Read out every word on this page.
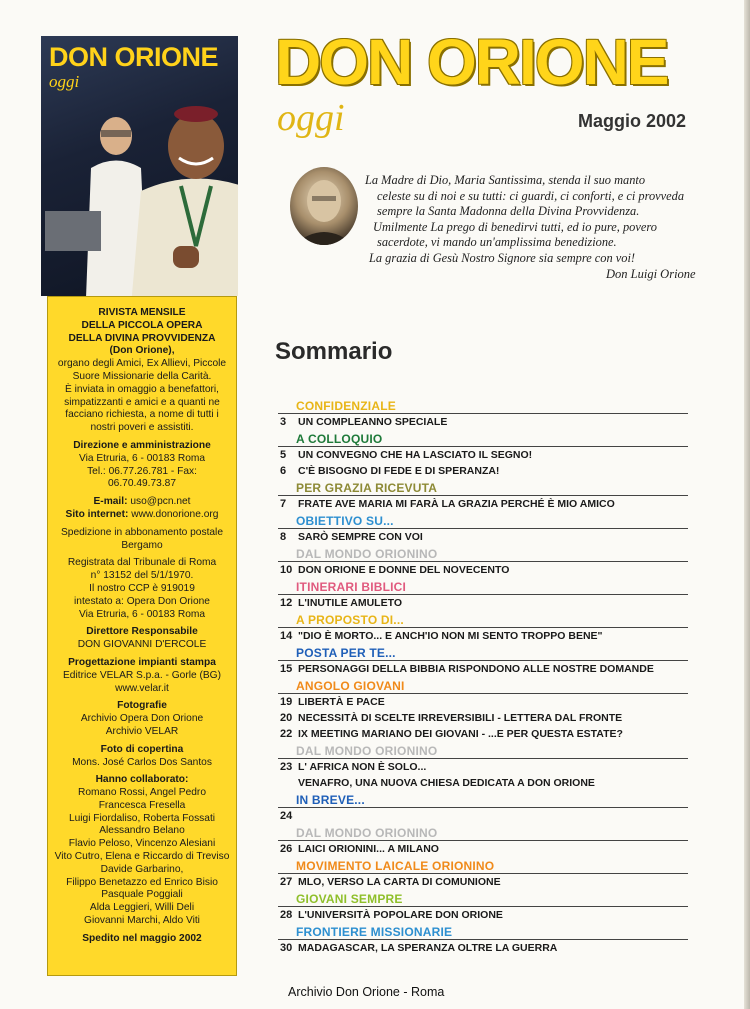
DON ORIONE
oggi
RIVISTA MENSILE
DELLA PICCOLA OPERA
DELLA DIVINA PROVVIDENZA
(Don Orione),
organo degli Amici, Ex Allievi, Piccole
Suore Missionarie della Carità.
È inviata in omaggio a benefattori,
simpatizzanti e amici e a quanti ne
facciano richiesta, a nome di tutti i
nostri poveri e assistiti.
Direzione e amministrazione
Via Etruria, 6 - 00183 Roma
Tel.: 06.77.26.781 - Fax: 06.70.49.73.87
E-mail: uso@pcn.net
Sito internet: www.donorione.org
Spedizione in abbonamento postale
Bergamo
Registrata dal Tribunale di Roma
n° 13152 del 5/1/1970.
Il nostro CCP è 919019
intestato a: Opera Don Orione
Via Etruria, 6 - 00183 Roma
Direttore Responsabile
DON GIOVANNI D'ERCOLE
Progettazione impianti stampa
Editrice VELAR S.p.a. - Gorle (BG)
www.velar.it
Fotografie
Archivio Opera Don Orione
Archivio VELAR
Foto di copertina
Mons. José Carlos Dos Santos
Hanno collaborato:
Romano Rossi, Angel Pedro
Francesca Fresella
Luigi Fiordaliso, Roberta Fossati
Alessandro Belano
Flavio Peloso, Vincenzo Alesiani
Vito Cutro, Elena e Riccardo di Treviso
Davide Garbarino,
Filippo Benetazzo ed Enrico Bisio
Pasquale Poggiali
Alda Leggieri, Willi Deli
Giovanni Marchi, Aldo Viti
Spedito nel maggio 2002
DON ORIONE
oggi	Maggio 2002
La Madre di Dio, Maria Santissima, stenda il suo manto
celeste su di noi e su tutti: ci guardi, ci conforti, e ci provveda
sempre la Santa Madonna della Divina Provvidenza.
Umilmente La prego di benedirvi tutti, ed io pure, povero
sacerdote, vi mando un'amplissima benedizione.
La grazia di Gesù Nostro Signore sia sempre con voi!
Don Luigi Orione
Sommario
CONFIDENZIALE
3 UN COMPLEANNO SPECIALE
A COLLOQUIO
5 UN CONVEGNO CHE HA LASCIATO IL SEGNO!
6 C'È BISOGNO DI FEDE E DI SPERANZA!
PER GRAZIA RICEVUTA
7 FRATE AVE MARIA MI FARÀ LA GRAZIA PERCHÉ È MIO AMICO
OBIETTIVO SU...
8 SARÒ SEMPRE CON VOI
DAL MONDO ORIONINO
10 DON ORIONE E DONNE DEL NOVECENTO
ITINERARI BIBLICI
12 L'INUTILE AMULETO
A PROPOSTO DI...
14 "DIO È MORTO... E ANCH'IO NON MI SENTO TROPPO BENE"
POSTA PER TE...
15 PERSONAGGI DELLA BIBBIA RISPONDONO ALLE NOSTRE DOMANDE
ANGOLO GIOVANI
19 LIBERTÀ E PACE
20 NECESSITÀ DI SCELTE IRREVERSIBILI - LETTERA DAL FRONTE
22 IX MEETING MARIANO DEI GIOVANI - ...E PER QUESTA ESTATE?
DAL MONDO ORIONINO
23 L' AFRICA NON È SOLO...
VENAFRO, UNA NUOVA CHIESA DEDICATA A DON ORIONE
IN BREVE...
24
DAL MONDO ORIONINO
26 LAICI ORIONINI... A MILANO
MOVIMENTO LAICALE ORIONINO
27 MLO, VERSO LA CARTA DI COMUNIONE
GIOVANI SEMPRE
28 L'UNIVERSITÀ POPOLARE DON ORIONE
FRONTIERE MISSIONARIE
30 MADAGASCAR, LA SPERANZA OLTRE LA GUERRA
Archivio Don Orione - Roma
